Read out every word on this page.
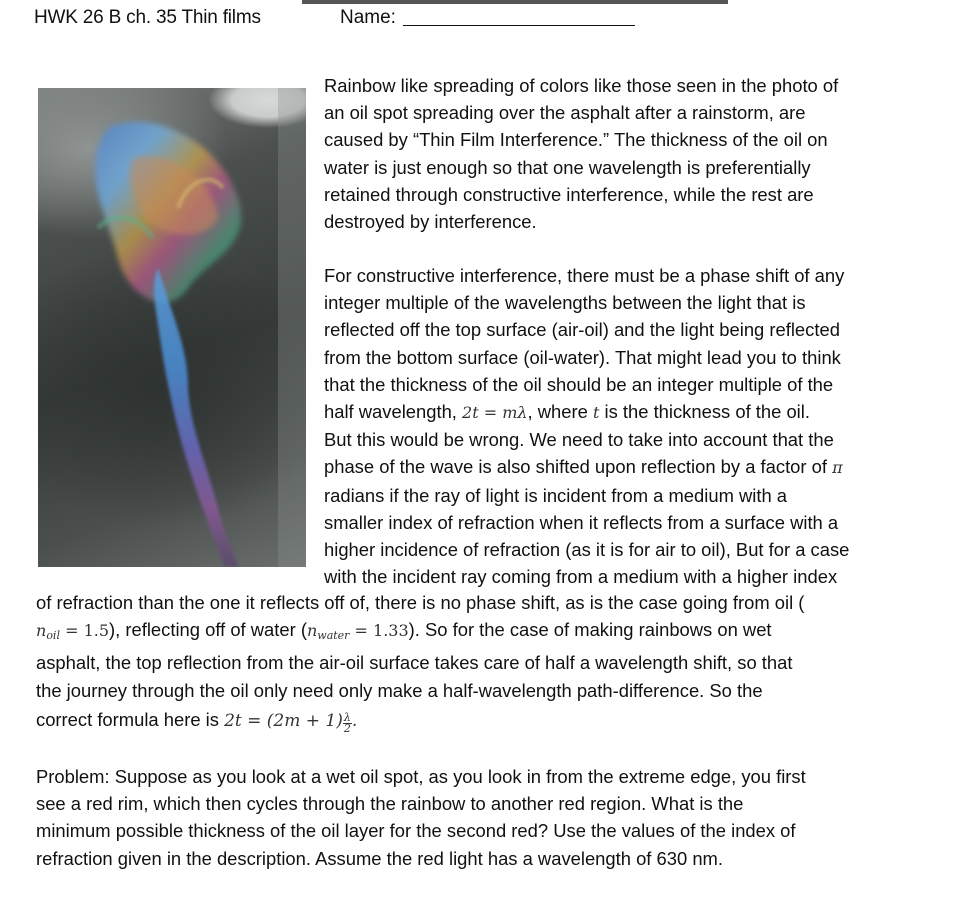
HWK 26 B ch. 35 Thin films	Name:
Rainbow like spreading of colors like those seen in the photo of
an oil spot spreading over the asphalt after a rainstorm, are
caused by “Thin Film Interference.” The thickness of the oil on
water is just enough so that one wavelength is preferentially
retained through constructive interference, while the rest are
destroyed by interference.
For constructive interference, there must be a phase shift of any
integer multiple of the wavelengths between the light that is
reflected off the top surface (air-oil) and the light being reflected
from the bottom surface (oil-water). That might lead you to think
that the thickness of the oil should be an integer multiple of the
half wavelength, 2t = mλ, where t is the thickness of the oil.
But this would be wrong. We need to take into account that the
phase of the wave is also shifted upon reflection by a factor of π
radians if the ray of light is incident from a medium with a
smaller index of refraction when it reflects from a surface with a
higher incidence of refraction (as it is for air to oil), But for a case
with the incident ray coming from a medium with a higher index
of refraction than the one it reflects off of, there is no phase shift, as is the case going from oil (
$n_{oil} = 1.5$), reflecting off of water $(n_{water} = 1.33)$. So for the case of making rainbows on wet
asphalt, the top reflection from the air-oil surface takes care of half a wavelength shift, so that
the journey through the oil only need only make a half-wavelength path-difference. So the
correct formula here is $2t = (2m + 1) \frac{\lambda}{2}$ .
Problem: Suppose as you look at a wet oil spot, as you look in from the extreme edge, you first
see a red rim, which then cycles through the rainbow to another red region. What is the
minimum possible thickness of the oil layer for the second red? Use the values of the index of
refraction given in the description. Assume the red light has a wavelength of 630 nm.
